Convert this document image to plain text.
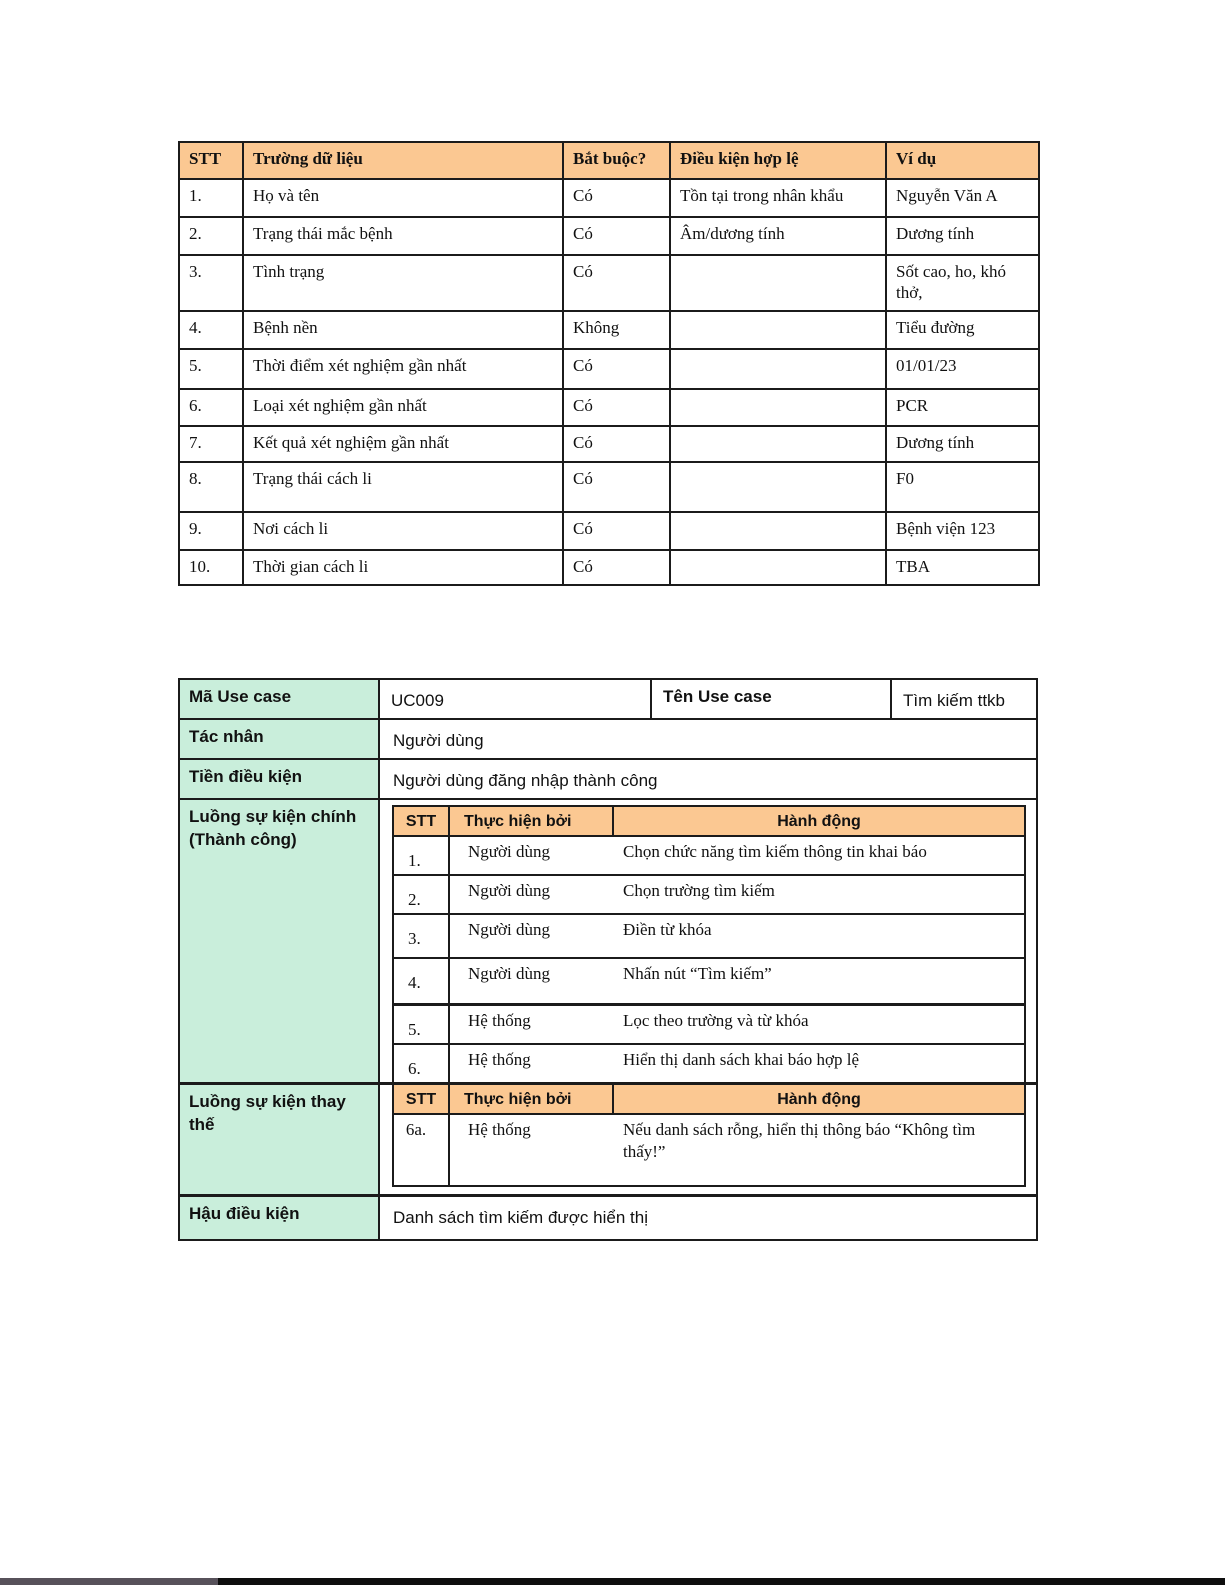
STT	Trường dữ liệu	Bắt buộc?	Điều kiện hợp lệ	Ví dụ
1.	Họ và tên	Có	Tồn tại trong nhân khẩu	Nguyễn Văn A
2.	Trạng thái mắc bệnh	Có	Âm/dương tính	Dương tính
3.	Tình trạng	Có		Sốt cao, ho, khó thở,
4.	Bệnh nền	Không		Tiểu đường
5.	Thời điểm xét nghiệm gần nhất	Có		01/01/23
6.	Loại xét nghiệm gần nhất	Có		PCR
7.	Kết quả xét nghiệm gần nhất	Có		Dương tính
8.	Trạng thái cách li	Có		F0
9.	Nơi cách li	Có		Bệnh viện 123
10.	Thời gian cách li	Có		TBA
Mã Use case	UC009	Tên Use case	Tìm kiếm ttkb
Tác nhân	Người dùng
Tiền điều kiện	Người dùng đăng nhập thành công
Luồng sự kiện chính (Thành công)
STT	Thực hiện bởi	Hành động
1.	Người dùng	Chọn chức năng tìm kiếm thông tin khai báo
2.	Người dùng	Chọn trường tìm kiếm
3.	Người dùng	Điền từ khóa
4.	Người dùng	Nhấn nút “Tìm kiếm”
5.	Hệ thống	Lọc theo trường và từ khóa
6.	Hệ thống	Hiển thị danh sách khai báo hợp lệ
Luồng sự kiện thay thế
STT	Thực hiện bởi	Hành động
6a.	Hệ thống	Nếu danh sách rỗng, hiển thị thông báo “Không tìm thấy!”
Hậu điều kiện	Danh sách tìm kiếm được hiển thị
